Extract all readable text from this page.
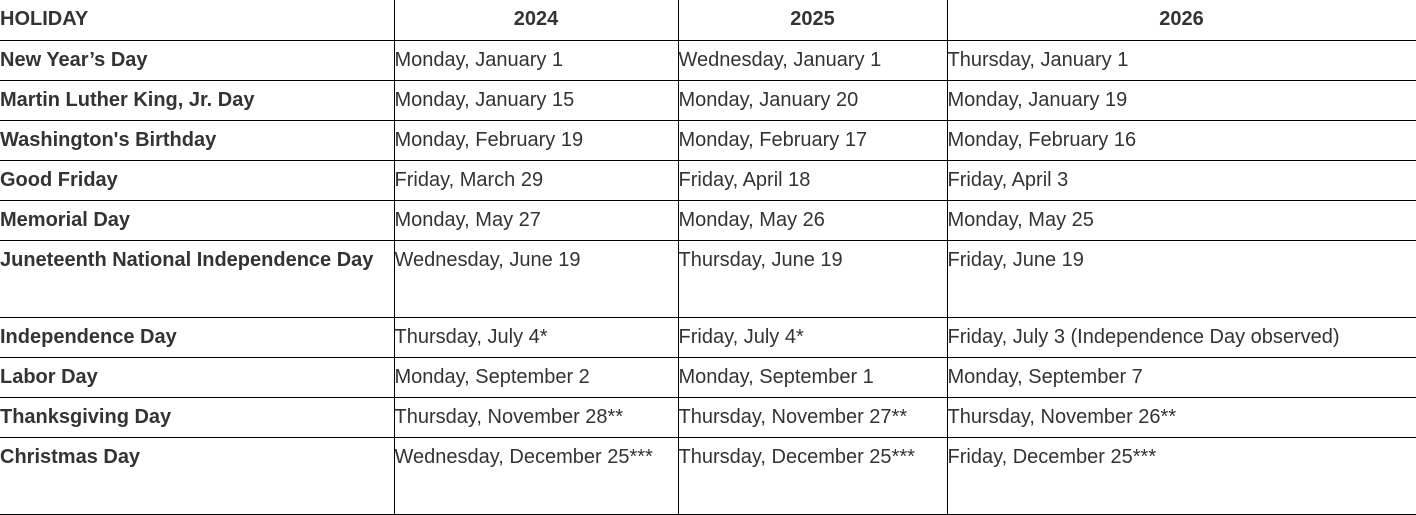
HOLIDAY	2024	2025	2026
New Year’s Day	Monday, January 1	Wednesday, January 1	Thursday, January 1
Martin Luther King, Jr. Day	Monday, January 15	Monday, January 20	Monday, January 19
Washington's Birthday	Monday, February 19	Monday, February 17	Monday, February 16
Good Friday	Friday, March 29	Friday, April 18	Friday, April 3
Memorial Day	Monday, May 27	Monday, May 26	Monday, May 25
Juneteenth National Independence Day	Wednesday, June 19	Thursday, June 19	Friday, June 19
Independence Day	Thursday, July 4*	Friday, July 4*	Friday, July 3 (Independence Day observed)
Labor Day	Monday, September 2	Monday, September 1	Monday, September 7
Thanksgiving Day	Thursday, November 28**	Thursday, November 27**	Thursday, November 26**
Christmas Day	Wednesday, December 25***	Thursday, December 25***	Friday, December 25***
